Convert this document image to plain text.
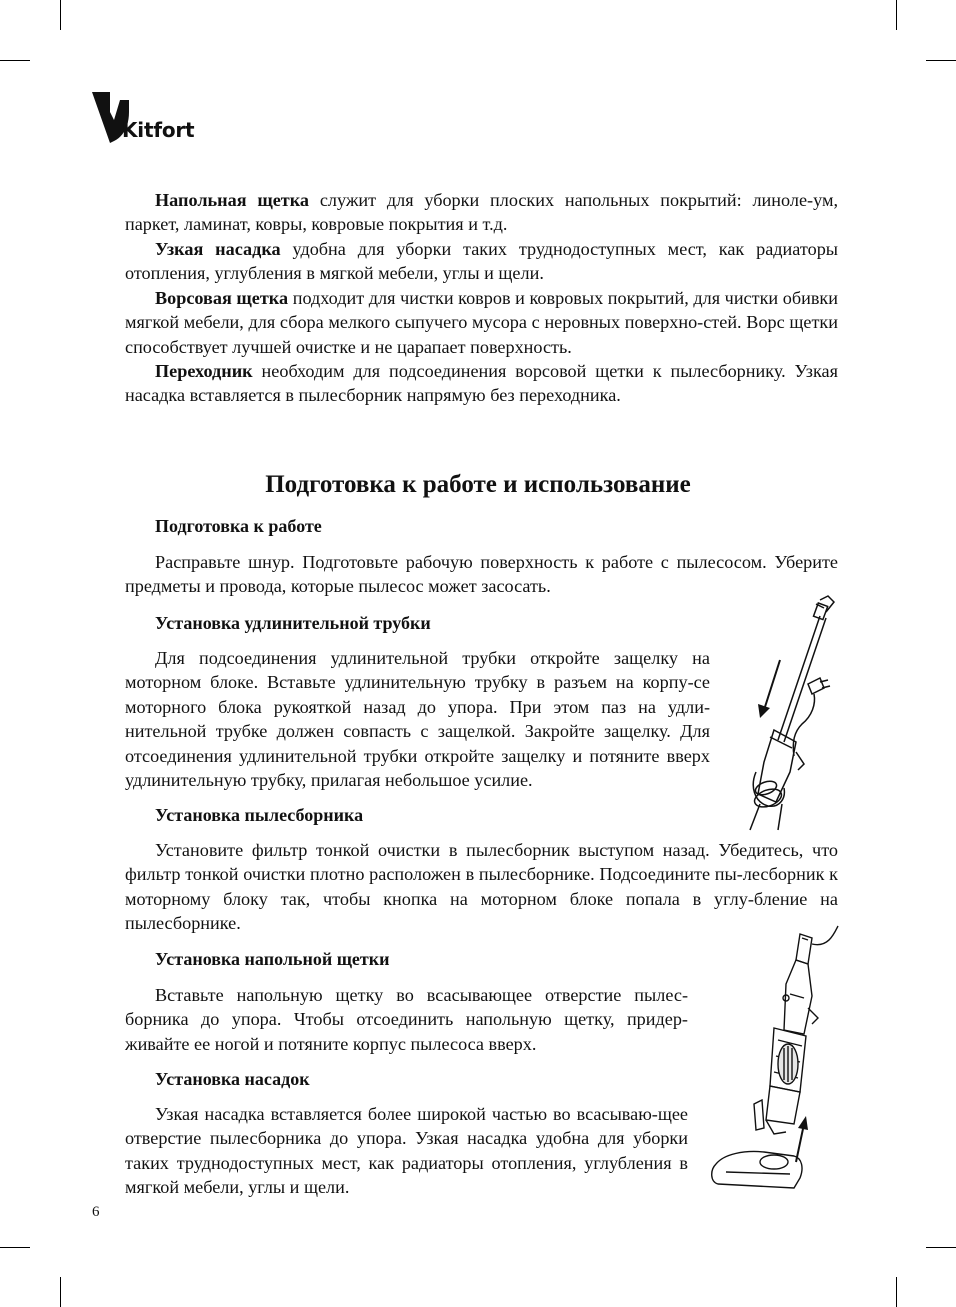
Kitfort

Напольная щетка служит для уборки плоских напольных покрытий: линоле-ум, паркет, ламинат, ковры, ковровые покрытия и т.д.

Узкая насадка удобна для уборки таких труднодоступных мест, как радиаторы отопления, углубления в мягкой мебели, углы и щели.

Ворсовая щетка подходит для чистки ковров и ковровых покрытий, для чистки обивки мягкой мебели, для сбора мелкого сыпучего мусора с неровных поверхно-стей. Ворс щетки способствует лучшей очистке и не царапает поверхность.

Переходник необходим для подсоединения ворсовой щетки к пылесборнику. Узкая насадка вставляется в пылесборник напрямую без переходника.

Подготовка к работе и использование
Подготовка к работе

Расправьте шнур. Подготовьте рабочую поверхность к работе с пылесосом. Уберите предметы и провода, которые пылесос может засосать.

Установка удлинительной трубки

Для подсоединения удлинительной трубки откройте защелку на моторном блоке. Вставьте удлинительную трубку в разъем на корпу-се моторного блока рукояткой назад до упора. При этом паз на удли-нительной трубке должен совпасть с защелкой. Закройте защелку. Для отсоединения удлинительной трубки откройте защелку и потяните вверх удлинительную трубку, прилагая небольшое усилие.

Установка пылесборника

Установите фильтр тонкой очистки в пылесборник выступом назад. Убедитесь, что фильтр тонкой очистки плотно расположен в пылесборнике. Подсоедините пы-лесборник к моторному блоку так, чтобы кнопка на моторном блоке попала в углу-бление на пылесборнике.

Установка напольной щетки

Вставьте напольную щетку во всасывающее отверстие пылес-борника до упора. Чтобы отсоединить напольную щетку, придер-живайте ее ногой и потяните корпус пылесоса вверх.

Установка насадок

Узкая насадка вставляется более широкой частью во всасываю-щее отверстие пылесборника до упора. Узкая насадка удобна для уборки таких труднодоступных мест, как радиаторы отопления, углубления в мягкой мебели, углы и щели.

6
